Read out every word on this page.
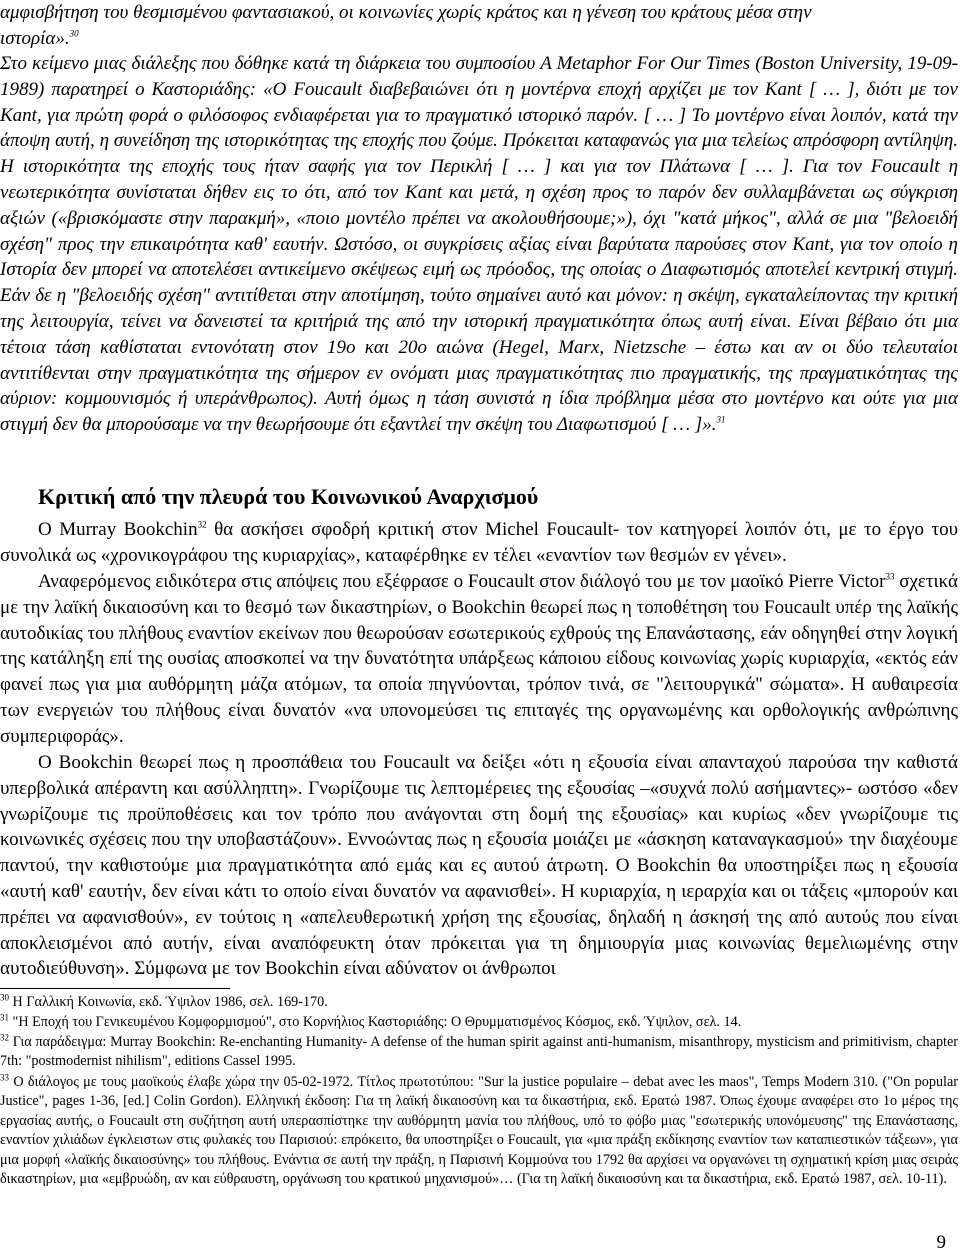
αμφισβήτηση του θεσμισμένου φαντασιακού, οι κοινωνίες χωρίς κράτος και η γένεση του κράτους μέσα στην
ιστορία».$^{30}$

Στο κείμενο μιας διάλεξης που δόθηκε κατά τη διάρκεια του συμποσίου A Metaphor For Our Times (Boston University, 19-09-1989) παρατηρεί ο Καστοριάδης: «Ο Foucault διαβεβαιώνει ότι η μοντέρνα εποχή αρχίζει με τον Kant [ … ], διότι με τον Kant, για πρώτη φορά ο φιλόσοφος ενδιαφέρεται για το πραγματικό ιστορικό παρόν. [ … ] Το μοντέρνο είναι λοιπόν, κατά την άποψη αυτή, η συνείδηση της ιστορικότητας της εποχής που ζούμε. Πρόκειται καταφανώς για μια τελείως απρόσφορη αντίληψη. Η ιστορικότητα της εποχής τους ήταν σαφής για τον Περικλή [ … ] και για τον Πλάτωνα [ … ]. Για τον Foucault η νεωτερικότητα συνίσταται δήθεν εις το ότι, από τον Kant και μετά, η σχέση προς το παρόν δεν συλλαμβάνεται ως σύγκριση αξιών («βρισκόμαστε στην παρακμή», «ποιο μοντέλο πρέπει να ακολουθήσουμε;»), όχι "κατά μήκος", αλλά σε μια "βελοειδή σχέση" προς την επικαιρότητα καθ' εαυτήν. Ωστόσο, οι συγκρίσεις αξίας είναι βαρύτατα παρούσες στον Kant, για τον οποίο η Ιστορία δεν μπορεί να αποτελέσει αντικείμενο σκέψεως ειμή ως πρόοδος, της οποίας ο Διαφωτισμός αποτελεί κεντρική στιγμή. Εάν δε η "βελοειδής σχέση" αντιτίθεται στην αποτίμηση, τούτο σημαίνει αυτό και μόνον: η σκέψη, εγκαταλείποντας την κριτική της λειτουργία, τείνει να δανειστεί τα κριτήριά της από την ιστορική πραγματικότητα όπως αυτή είναι. Είναι βέβαιο ότι μια τέτοια τάση καθίσταται εντονότατη στον 19ο και 20ο αιώνα (Hegel, Marx, Nietzsche – έστω και αν οι δύο τελευταίοι αντιτίθενται στην πραγματικότητα της σήμερον εν ονόματι μιας πραγματικότητας πιο πραγματικής, της πραγματικότητας της αύριον: κομμουνισμός ή υπεράνθρωπος). Αυτή όμως η τάση συνιστά η ίδια πρόβλημα μέσα στο μοντέρνο και ούτε για μια στιγμή δεν θα μπορούσαμε να την θεωρήσουμε ότι εξαντλεί την σκέψη του Διαφωτισμού [ … ]».$^{31}$

Κριτική από την πλευρά του Κοινωνικού Αναρχισμού

Ο Murray Bookchin$^{32}$ θα ασκήσει σφοδρή κριτική στον Michel Foucault- τον κατηγορεί λοιπόν ότι, με το έργο του συνολικά ως «χρονικογράφου της κυριαρχίας», καταφέρθηκε εν τέλει «εναντίον των θεσμών εν γένει».

Αναφερόμενος ειδικότερα στις απόψεις που εξέφρασε ο Foucault στον διάλογό του με τον μαοϊκό Pierre Victor$^{33}$ σχετικά με την λαϊκή δικαιοσύνη και το θεσμό των δικαστηρίων, ο Bookchin θεωρεί πως η τοποθέτηση του Foucault υπέρ της λαϊκής αυτοδικίας του πλήθους εναντίον εκείνων που θεωρούσαν εσωτερικούς εχθρούς της Επανάστασης, εάν οδηγηθεί στην λογική της κατάληξη επί της ουσίας αποσκοπεί να την δυνατότητα υπάρξεως κάποιου είδους κοινωνίας χωρίς κυριαρχία, «εκτός εάν φανεί πως για μια αυθόρμητη μάζα ατόμων, τα οποία πηγνύονται, τρόπον τινά, σε "λειτουργικά" σώματα». Η αυθαιρεσία των ενεργειών του πλήθους είναι δυνατόν «να υπονομεύσει τις επιταγές της οργανωμένης και ορθολογικής ανθρώπινης συμπεριφοράς».

Ο Bookchin θεωρεί πως η προσπάθεια του Foucault να δείξει «ότι η εξουσία είναι απανταχού παρούσα την καθιστά υπερβολικά απέραντη και ασύλληπτη». Γνωρίζουμε τις λεπτομέρειες της εξουσίας –«συχνά πολύ ασήμαντες»- ωστόσο «δεν γνωρίζουμε τις προϋποθέσεις και τον τρόπο που ανάγονται στη δομή της εξουσίας» και κυρίως «δεν γνωρίζουμε τις κοινωνικές σχέσεις που την υποβαστάζουν». Εννοώντας πως η εξουσία μοιάζει με «άσκηση καταναγκασμού» την διαχέουμε παντού, την καθιστούμε μια πραγματικότητα από εμάς και ες αυτού άτρωτη. Ο Bookchin θα υποστηρίξει πως η εξουσία «αυτή καθ' εαυτήν, δεν είναι κάτι το οποίο είναι δυνατόν να αφανισθεί». Η κυριαρχία, η ιεραρχία και οι τάξεις «μπορούν και πρέπει να αφανισθούν», εν τούτοις η «απελευθερωτική χρήση της εξουσίας, δηλαδή η άσκησή της από αυτούς που είναι αποκλεισμένοι από αυτήν, είναι αναπόφευκτη όταν πρόκειται για τη δημιουργία μιας κοινωνίας θεμελιωμένης στην αυτοδιεύθυνση». Σύμφωνα με τον Bookchin είναι αδύνατον οι άνθρωποι

$^{30}$ Η Γαλλική Κοινωνία, εκδ. Ύψιλον 1986, σελ. 169-170.

$^{31}$ "Η Εποχή του Γενικευμένου Κομφορμισμού", στο Κορνήλιος Καστοριάδης: Ο Θρυμματισμένος Κόσμος, εκδ. Ύψιλον, σελ. 14.

$^{32}$ Για παράδειγμα: Murray Bookchin: Re-enchanting Humanity- A defense of the human spirit against anti-humanism, misanthropy, mysticism and primitivism, chapter 7th: "postmodernist nihilism", editions Cassel 1995.

$^{33}$ Ο διάλογος με τους μαοϊκούς έλαβε χώρα την 05-02-1972. Τίτλος πρωτοτύπου: "Sur la justice populaire – debat avec les maos", Temps Modern 310. ("On popular Justice", pages 1-36, [ed.] Colin Gordon). Ελληνική έκδοση: Για τη λαϊκή δικαιοσύνη και τα δικαστήρια, εκδ. Ερατώ 1987. Όπως έχουμε αναφέρει στο 1ο μέρος της εργασίας αυτής, ο Foucault στη συζήτηση αυτή υπερασπίστηκε την αυθόρμητη μανία του πλήθους, υπό το φόβο μιας "εσωτερικής υπονόμευσης" της Επανάστασης, εναντίον χιλιάδων έγκλειστων στις φυλακές του Παρισιού: επρόκειτο, θα υποστηρίξει ο Foucault, για «μια πράξη εκδίκησης εναντίον των καταπιεστικών τάξεων», για μια μορφή «λαϊκής δικαιοσύνης» του πλήθους. Ενάντια σε αυτή την πράξη, η Παρισινή Κομμούνα του 1792 θα αρχίσει να οργανώνει τη σχηματική κρίση μιας σειράς δικαστηρίων, μια «εμβρυώδη, αν και εύθραυστη, οργάνωση του κρατικού μηχανισμού»… (Για τη λαϊκή δικαιοσύνη και τα δικαστήρια, εκδ. Ερατώ 1987, σελ. 10-11).

9
